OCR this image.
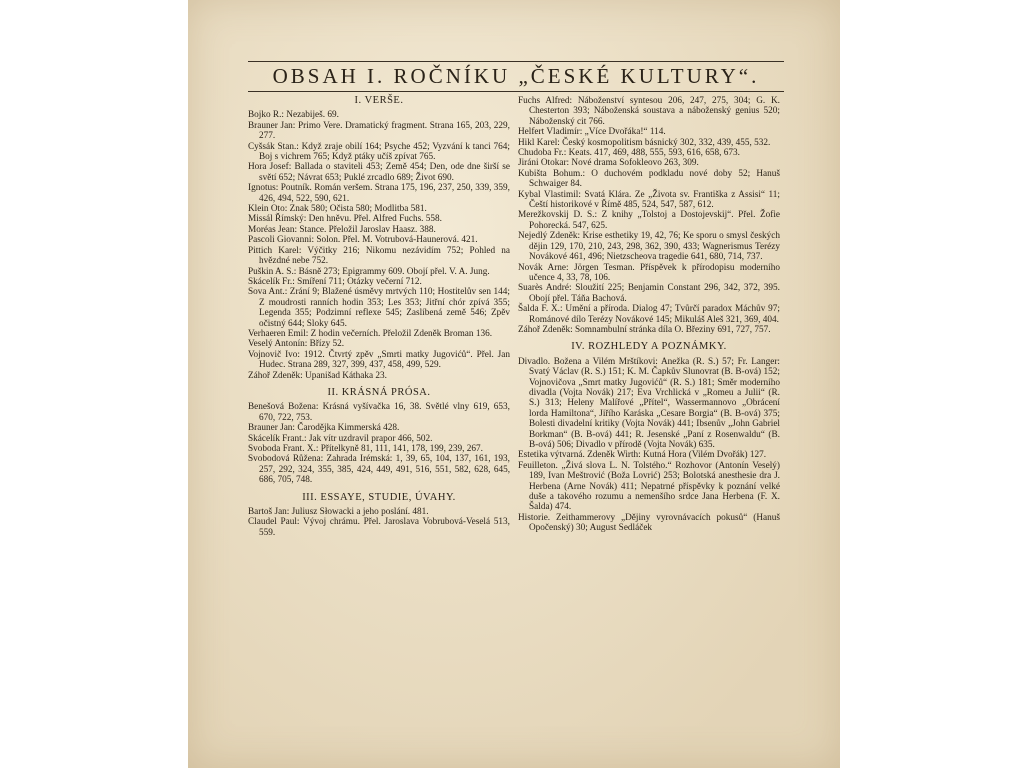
OBSAH I. ROČNÍKU „ČESKÉ KULTURY“.
I. VERŠE.
Bojko R.: Nezabiješ. 69.
Brauner Jan: Primo Vere. Dramatický fragment. Strana 165, 203, 229, 277.
Cyšsák Stan.: Když zraje obilí 164; Psyche 452; Vyzvání k tanci 764; Boj s vichrem 765; Když ptáky učíš zpívat 765.
Hora Josef: Ballada o staviteli 453; Země 454; Den, ode dne širší se světí 652; Návrat 653; Puklé zrcadlo 689; Život 690.
Ignotus: Poutník. Román veršem. Strana 175, 196, 237, 250, 339, 359, 426, 494, 522, 590, 621.
Klein Oto: Znak 580; Očista 580; Modlitba 581.
Missál Římský: Den hněvu. Přel. Alfred Fuchs. 558.
Moréas Jean: Stance. Přeložil Jaroslav Haasz. 388.
Pascoli Giovanni: Solon. Přel. M. Votrubová-Haunerová. 421.
Pittich Karel: Výčitky 216; Nikomu nezávidím 752; Pohled na hvězdné nebe 752.
Puškin A. S.: Básně 273; Epigrammy 609. Obojí přel. V. A. Jung.
Skácelík Fr.: Smíření 711; Otázky večerní 712.
Sova Ant.: Zrání 9; Blažené úsměvy mrtvých 110; Hostitelův sen 144; Z moudrosti ranních hodin 353; Les 353; Jitřní chór zpívá 355; Legenda 355; Podzimní reflexe 545; Zaslíbená země 546; Zpěv očistný 644; Sloky 645.
Verhaeren Emil: Z hodin večerních. Přeložil Zdeněk Broman 136.
Veselý Antonín: Břízy 52.
Vojnovič Ivo: 1912. Čtvrtý zpěv „Smrti matky Jugovićů“. Přel. Jan Hudec. Strana 289, 327, 399, 437, 458, 499, 529.
Záhoř Zdeněk: Upanišad Káthaka 23.
II. KRÁSNÁ PRÓSA.
Benešová Božena: Krásná vyšívačka 16, 38. Světlé vlny 619, 653, 670, 722, 753.
Brauner Jan: Čarodějka Kimmerská 428.
Skácelík Frant.: Jak vítr uzdravil prapor 466, 502.
Svoboda Frant. X.: Přítelkyně 81, 111, 141, 178, 199, 239, 267.
Svobodová Růžena: Zahrada Irémská: 1, 39, 65, 104, 137, 161, 193, 257, 292, 324, 355, 385, 424, 449, 491, 516, 551, 582, 628, 645, 686, 705, 748.
III. ESSAYE, STUDIE, ÚVAHY.
Bartoš Jan: Juliusz Słowacki a jeho poslání. 481.
Claudel Paul: Vývoj chrámu. Přel. Jaroslava Vobrubová-Veselá 513, 559.
Fuchs Alfred: Náboženství syntesou 206, 247, 275, 304; G. K. Chesterton 393; Náboženská soustava a náboženský genius 520; Náboženský cit 766.
Helfert Vladimír: „Více Dvořáka!“ 114.
Hikl Karel: Český kosmopolitism básnický 302, 332, 439, 455, 532.
Chudoba Fr.: Keats. 417, 469, 488, 555, 593, 616, 658, 673.
Jiráni Otokar: Nové drama Sofokleovo 263, 309.
Kubišta Bohum.: O duchovém podkladu nové doby 52; Hanuš Schwaiger 84.
Kybal Vlastimil: Svatá Klára. Ze „Života sv. Františka z Assisi“ 11; Čeští historikové v Římě 485, 524, 547, 587, 612.
Merežkovskij D. S.: Z knihy „Tolstoj a Dostojevskij“. Přel. Žofie Pohorecká. 547, 625.
Nejedlý Zdeněk: Krise esthetiky 19, 42, 76; Ke sporu o smysl českých dějin 129, 170, 210, 243, 298, 362, 390, 433; Wagnerismus Terézy Novákové 461, 496; Nietzscheova tragedie 641, 680, 714, 737.
Novák Arne: Jörgen Tesman. Příspěvek k přírodopisu moderního učence 4, 33, 78, 106.
Suarès André: Sloužití 225; Benjamin Constant 296, 342, 372, 395. Obojí přel. Táňa Bachová.
Šalda F. X.: Umění a příroda. Dialog 47; Tvůrčí paradox Máchův 97; Románové dílo Terézy Novákové 145; Mikuláš Aleš 321, 369, 404.
Záhoř Zdeněk: Somnambulní stránka díla O. Březiny 691, 727, 757.
IV. ROZHLEDY A POZNÁMKY.
Divadlo. Božena a Vilém Mrštíkovi: Anežka (R. S.) 57; Fr. Langer: Svatý Václav (R. S.) 151; K. M. Čapkův Slunovrat (B. B-ová) 152; Vojnovičova „Smrt matky Jugovićů“ (R. S.) 181; Směr moderního divadla (Vojta Novák) 217; Eva Vrchlická v „Romeu a Julii“ (R. S.) 313; Heleny Malířové „Přítel“, Wassermannovo „Obrácení lorda Hamiltona“, Jiřího Karáska „Cesare Borgia“ (B. B-ová) 375; Bolesti divadelní kritiky (Vojta Novák) 441; Ibsenův „John Gabriel Borkman“ (B. B-ová) 441; R. Jesenské „Paní z Rosenwaldu“ (B. B-ová) 506; Divadlo v přírodě (Vojta Novák) 635.
Estetika výtvarná. Zdeněk Wirth: Kutná Hora (Vilém Dvořák) 127.
Feuilleton. „Živá slova L. N. Tolstého.“ Rozhovor (Antonín Veselý) 189, Ivan Meštrović (Boža Lovrić) 253; Bolotská anesthesie dra J. Herbena (Arne Novák) 411; Nepatrné příspěvky k poznání velké duše a takového rozumu a nemenšího srdce Jana Herbena (F. X. Šalda) 474.
Historie. Zeithammerovy „Dějiny vyrovnávacích pokusů“ (Hanuš Opočenský) 30; August Sedláček
